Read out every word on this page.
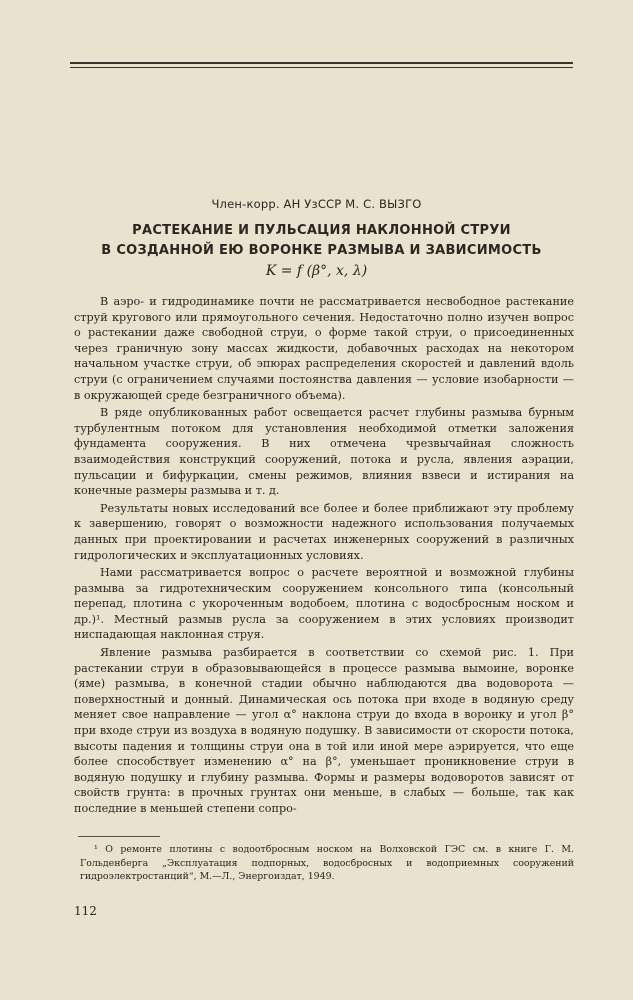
Член-корр. АН УзССР М. С. ВЫЗГО
РАСТЕКАНИЕ И ПУЛЬСАЦИЯ НАКЛОННОЙ СТРУИ
В СОЗДАННОЙ ЕЮ ВОРОНКЕ РАЗМЫВА И ЗАВИСИМОСТЬ
K = f (β°, x, λ)

В аэро- и гидродинамике почти не рассматривается несвободное растекание струй кругового или прямоугольного сечения. Недостаточно полно изучен вопрос о растекании даже свободной струи, о форме такой струи, о присоединенных через граничную зону массах жидкости, добавочных расходах на некотором начальном участке струи, об эпюрах распределения скоростей и давлений вдоль струи (с ограничением случаями постоянства давления — условие изобарности — в окружающей среде безграничного объема).

В ряде опубликованных работ освещается расчет глубины размыва бурным турбулентным потоком для установления необходимой отметки заложения фундамента сооружения. В них отмечена чрезвычайная сложность взаимодействия конструкций сооружений, потока и русла, явления аэрации, пульсации и бифуркации, смены режимов, влияния взвеси и истирания на конечные размеры размыва и т. д.

Результаты новых исследований все более и более приближают эту проблему к завершению, говорят о возможности надежного использования получаемых данных при проектировании и расчетах инженерных сооружений в различных гидрологических и эксплуатационных условиях.

Нами рассматривается вопрос о расчете вероятной и возможной глубины размыва за гидротехническим сооружением консольного типа (консольный перепад, плотина с укороченным водобоем, плотина с водосбросным носком и др.)¹. Местный размыв русла за сооружением в этих условиях производит ниспадающая наклонная струя.

Явление размыва разбирается в соответствии со схемой рис. 1. При растекании струи в образовывающейся в процессе размыва вымоине, воронке (яме) размыва, в конечной стадии обычно наблюдаются два водоворота — поверхностный и донный. Динамическая ось потока при входе в водяную среду меняет свое направление — угол α° наклона струи до входа в воронку и угол β° при входе струи из воздуха в водяную подушку. В зависимости от скорости потока, высоты падения и толщины струи она в той или иной мере аэрируется, что еще более способствует изменению α° на β°, уменьшает проникновение струи в водяную подушку и глубину размыва. Формы и размеры водоворотов зависят от свойств грунта: в прочных грунтах они меньше, в слабых — больше, так как последние в меньшей степени сопро-

¹ О ремонте плотины с водоотбросным носком на Волховской ГЭС см. в книге Г. М. Гольденберга „Эксплуатация подпорных, водосбросных и водоприемных сооружений гидроэлектростанций“, М.—Л., Энергоиздат, 1949.
112
